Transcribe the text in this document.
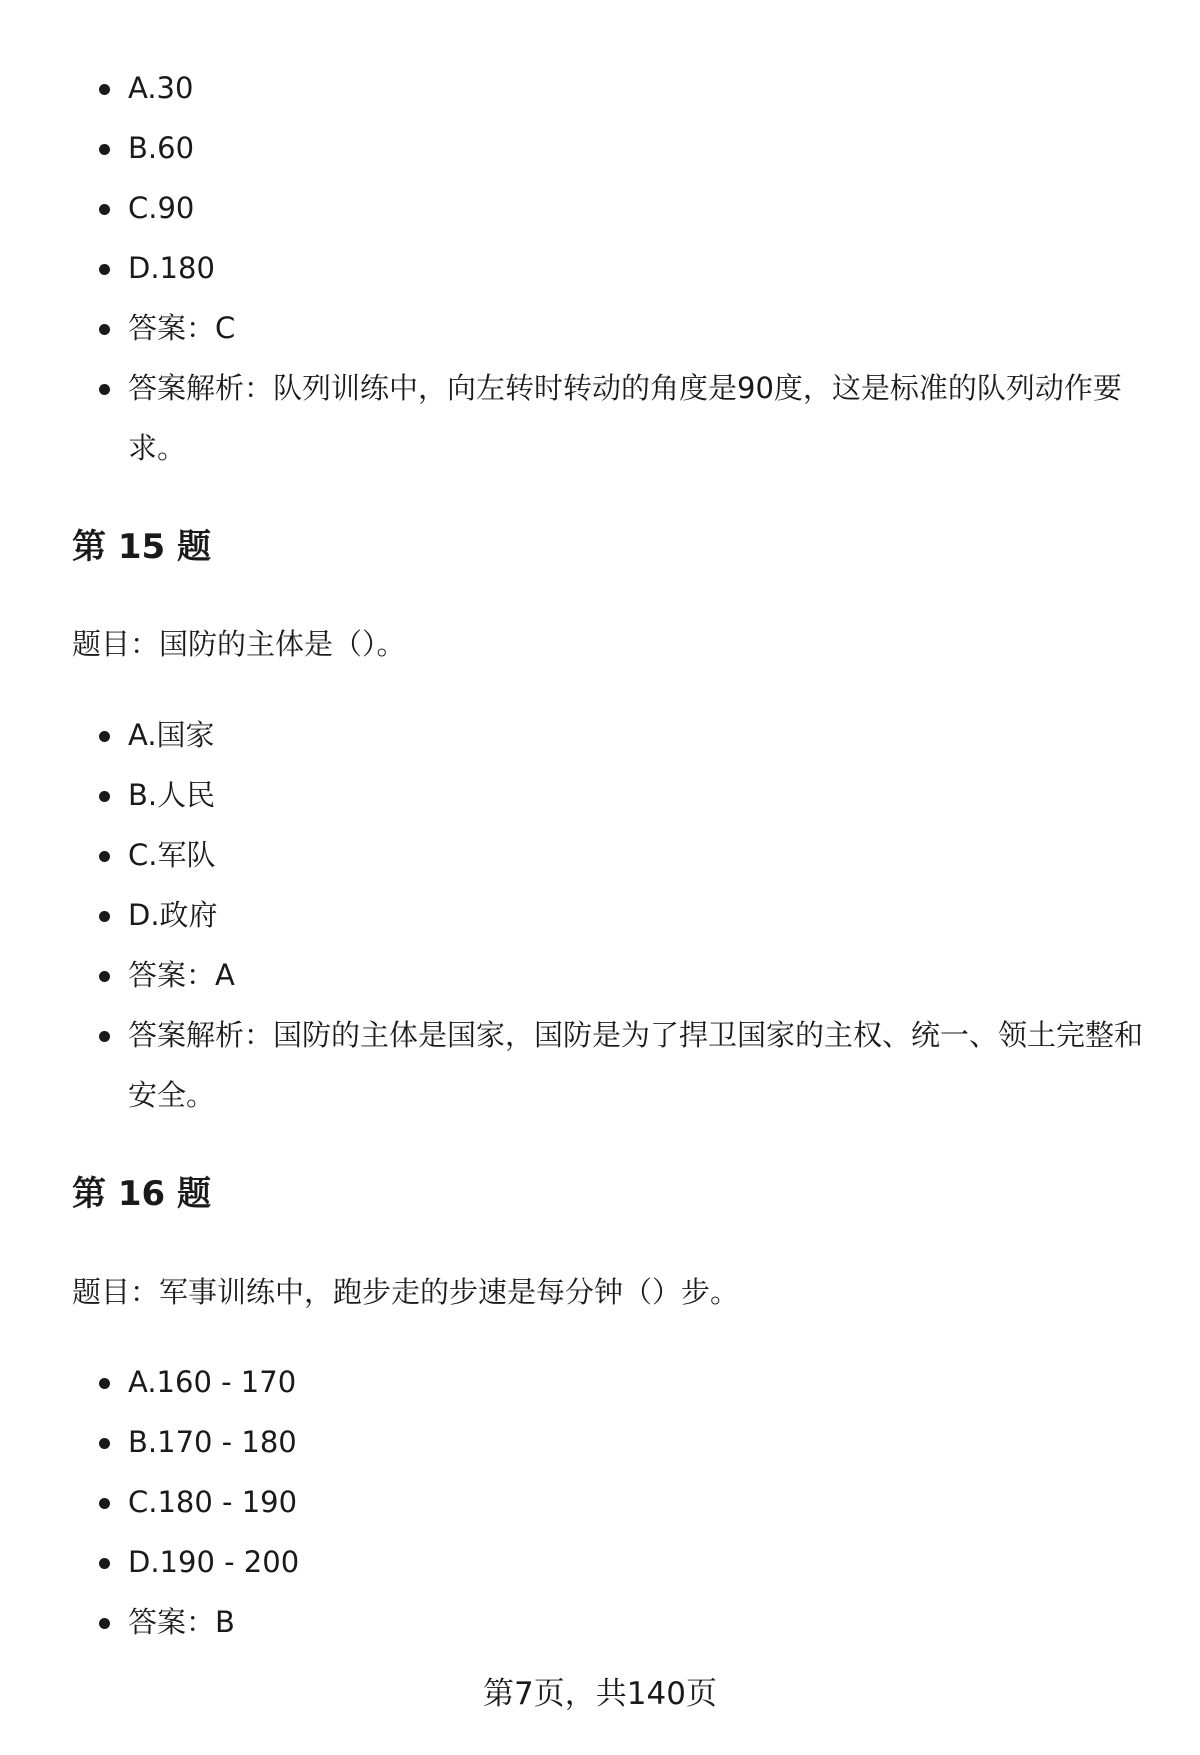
A.30
B.60
C.90
D.180
答案：C
答案解析：队列训练中，向左转时转动的角度是90度，这是标准的队列动作要求。
第 15 题

题目：国防的主体是（）。

A.国家
B.人民
C.军队
D.政府
答案：A
答案解析：国防的主体是国家，国防是为了捍卫国家的主权、统一、领土完整和安全。
第 16 题

题目：军事训练中，跑步走的步速是每分钟（）步。

A.160 - 170
B.170 - 180
C.180 - 190
D.190 - 200
答案：B
第7页，共140页
